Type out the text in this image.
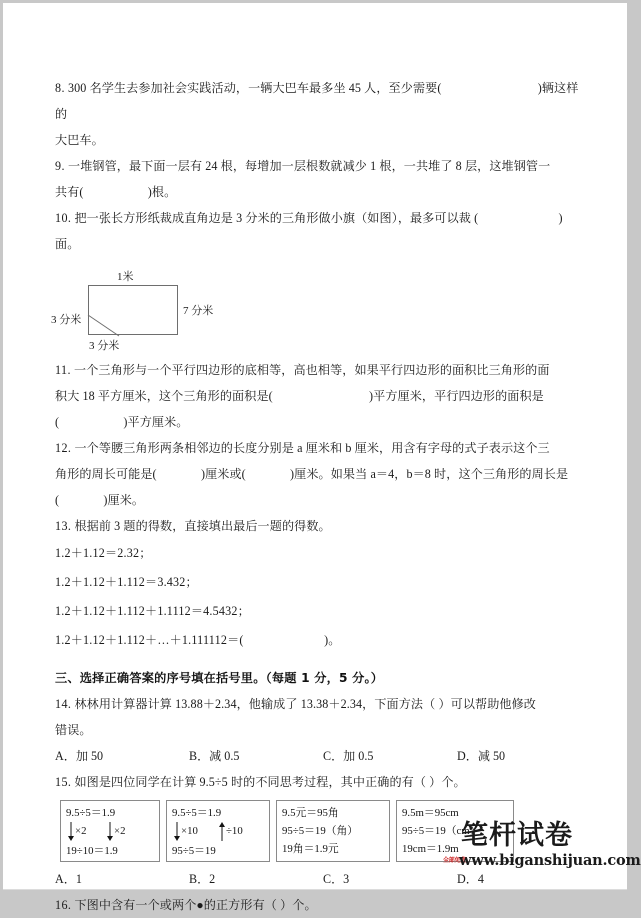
8. 300 名学生去参加社会实践活动，一辆大巴车最多坐 45 人，至少需要(	)辆这样的
大巴车。
9. 一堆钢管，最下面一层有 24 根，每增加一层根数就减少 1 根，一共堆了 8 层，这堆钢管一
共有(	)根。
10. 把一张长方形纸裁成直角边是 3 分米的三角形做小旗（如图），最多可以裁 (	)面。
1米
7 分米
3 分米
3 分米
11. 一个三角形与一个平行四边形的底相等，高也相等，如果平行四边形的面积比三角形的面
积大 18 平方厘米，这个三角形的面积是(	)平方厘米，平行四边形的面积是
(	)平方厘米。
12. 一个等腰三角形两条相邻边的长度分别是 a 厘米和 b 厘米，用含有字母的式子表示这个三
角形的周长可能是(	)厘米或(	)厘米。如果当 a＝4，b＝8 时，这个三角形的周长是
(	)厘米。
13. 根据前 3 题的得数，直接填出最后一题的得数。
1.2＋1.12＝2.32；
1.2＋1.12＋1.112＝3.432；
1.2＋1.12＋1.112＋1.1112＝4.5432；
1.2＋1.12＋1.112＋…＋1.111112＝(	)。
三、选择正确答案的序号填在括号里。（每题 1 分，5 分。）
14. 林林用计算器计算 13.88＋2.34，他输成了 13.38＋2.34，下面方法（ ）可以帮助他修改
错误。
A．加 50	B．减 0.5	C．加 0.5	D．减 50
15. 如图是四位同学在计算 9.5÷5 时的不同思考过程，其中正确的有（ ）个。
9.5÷5＝1.9
×2	×2
19÷10＝1.9
9.5÷5＝1.9
×10	÷10
95÷5＝19
9.5元＝95角
95÷5＝19（角）
19角＝1.9元
9.5m＝95cm
95÷5＝19（cm）
19cm＝1.9m
A．1	B．2	C．3	D．4
16. 下图中含有一个或两个●的正方形有（ ）个。
笔杆试卷
全部免费
www.biganshijuan.com
